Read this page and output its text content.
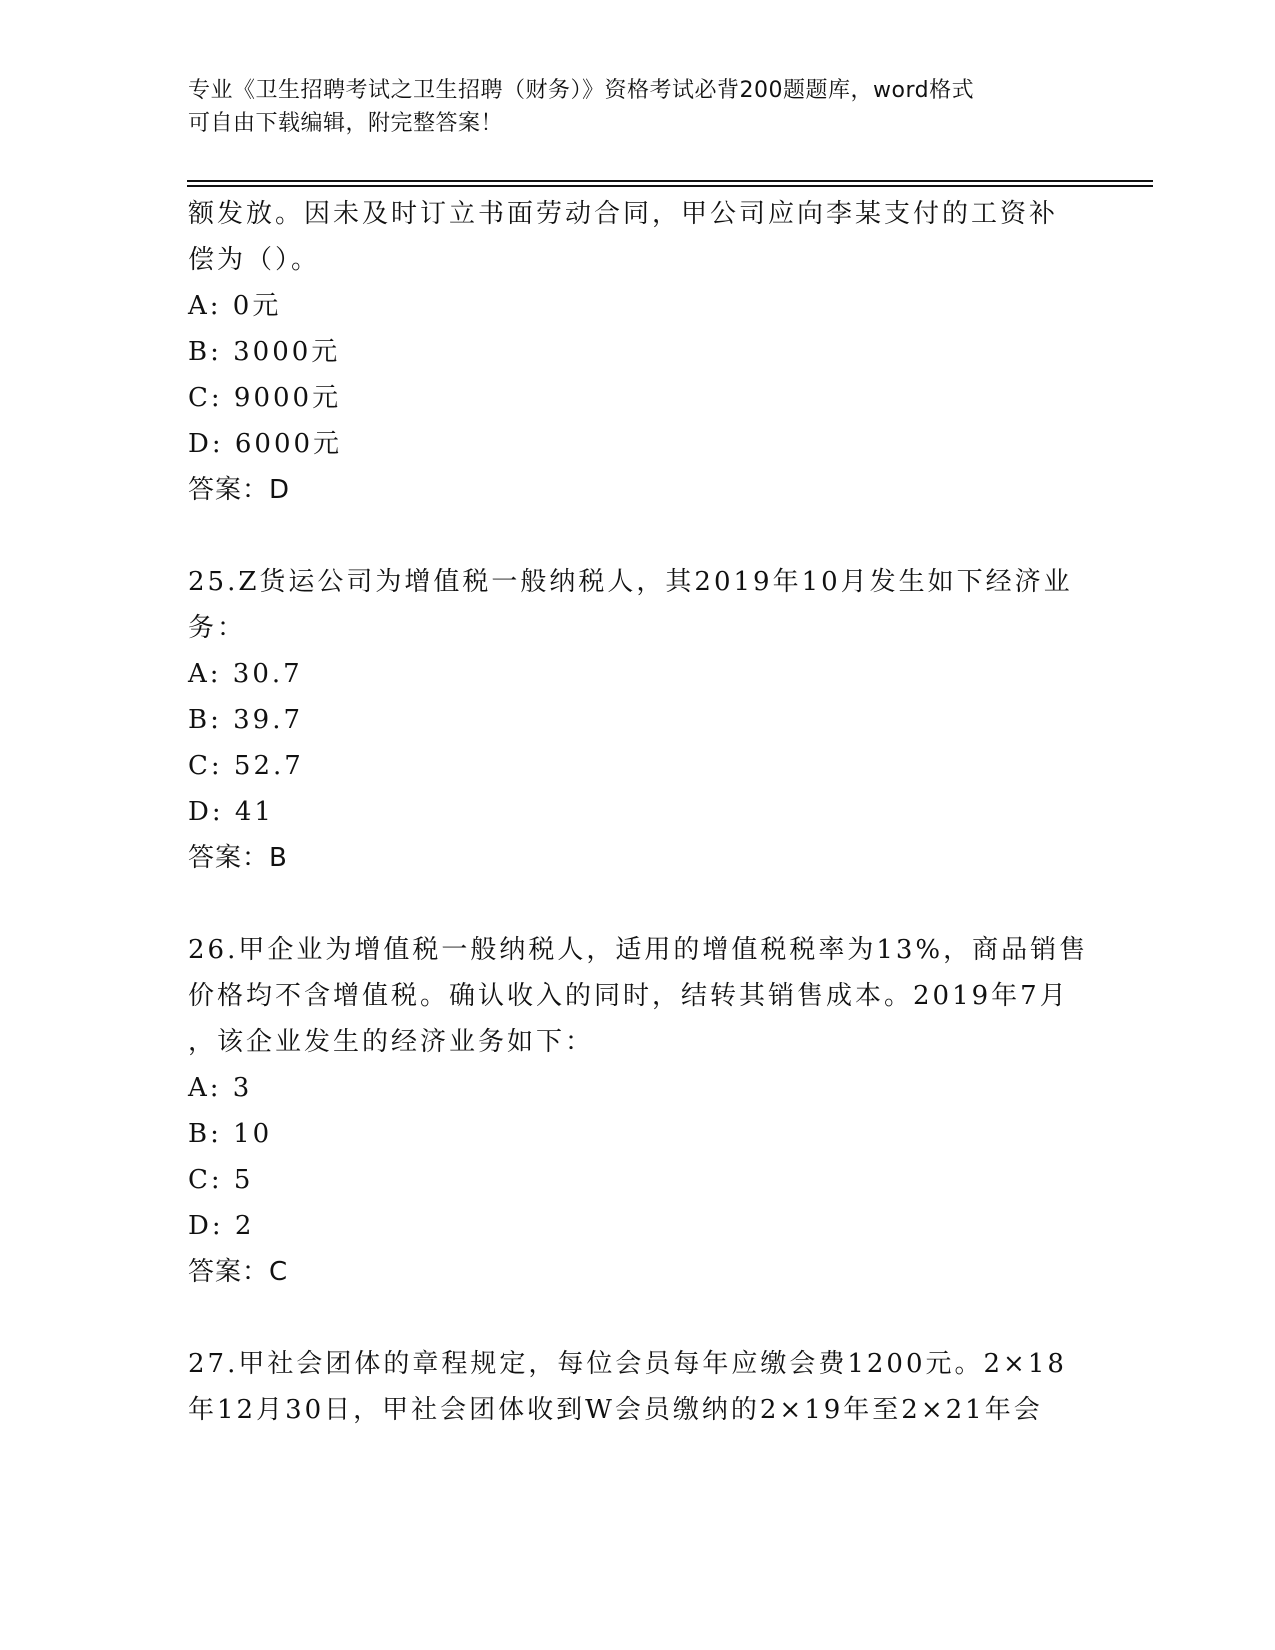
专业《卫生招聘考试之卫生招聘（财务）》资格考试必背200题题库，word格式
可自由下载编辑，附完整答案！
额发放。因未及时订立书面劳动合同，甲公司应向李某支付的工资补
偿为（）。
A: 0元
B: 3000元
C: 9000元
D: 6000元
答案：D
25.Z货运公司为增值税一般纳税人，其2019年10月发生如下经济业
务：
A: 30.7
B: 39.7
C: 52.7
D: 41
答案：B
26.甲企业为增值税一般纳税人，适用的增值税税率为13%，商品销售
价格均不含增值税。确认收入的同时，结转其销售成本。2019年7月
，该企业发生的经济业务如下：
A: 3
B: 10
C: 5
D: 2
答案：C
27.甲社会团体的章程规定，每位会员每年应缴会费1200元。2×18
年12月30日，甲社会团体收到W会员缴纳的2×19年至2×21年会
